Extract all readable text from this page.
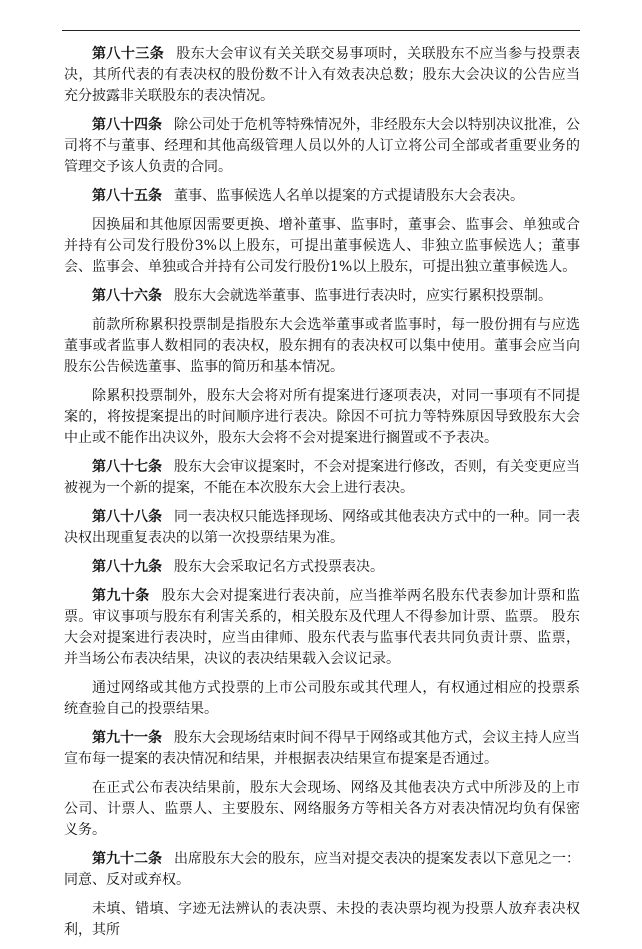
第八十三条 股东大会审议有关关联交易事项时，关联股东不应当参与投票表决，其所代表的有表决权的股份数不计入有效表决总数；股东大会决议的公告应当充分披露非关联股东的表决情况。

第八十四条 除公司处于危机等特殊情况外，非经股东大会以特别决议批准，公司将不与董事、经理和其他高级管理人员以外的人订立将公司全部或者重要业务的管理交予该人负责的合同。

第八十五条 董事、监事候选人名单以提案的方式提请股东大会表决。

因换届和其他原因需要更换、增补董事、监事时，董事会、监事会、单独或合并持有公司发行股份3%以上股东，可提出董事候选人、非独立监事候选人；董事会、监事会、单独或合并持有公司发行股份1%以上股东，可提出独立董事候选人。

第八十六条 股东大会就选举董事、监事进行表决时，应实行累积投票制。

前款所称累积投票制是指股东大会选举董事或者监事时，每一股份拥有与应选董事或者监事人数相同的表决权，股东拥有的表决权可以集中使用。董事会应当向股东公告候选董事、监事的简历和基本情况。

除累积投票制外，股东大会将对所有提案进行逐项表决，对同一事项有不同提案的，将按提案提出的时间顺序进行表决。除因不可抗力等特殊原因导致股东大会中止或不能作出决议外，股东大会将不会对提案进行搁置或不予表决。

第八十七条 股东大会审议提案时，不会对提案进行修改，否则，有关变更应当被视为一个新的提案，不能在本次股东大会上进行表决。

第八十八条 同一表决权只能选择现场、网络或其他表决方式中的一种。同一表决权出现重复表决的以第一次投票结果为准。

第八十九条 股东大会采取记名方式投票表决。

第九十条 股东大会对提案进行表决前，应当推举两名股东代表参加计票和监票。审议事项与股东有利害关系的，相关股东及代理人不得参加计票、监票。 股东大会对提案进行表决时，应当由律师、股东代表与监事代表共同负责计票、监票，并当场公布表决结果，决议的表决结果载入会议记录。

通过网络或其他方式投票的上市公司股东或其代理人，有权通过相应的投票系统查验自己的投票结果。

第九十一条 股东大会现场结束时间不得早于网络或其他方式，会议主持人应当宣布每一提案的表决情况和结果，并根据表决结果宣布提案是否通过。

在正式公布表决结果前，股东大会现场、网络及其他表决方式中所涉及的上市公司、计票人、监票人、主要股东、网络服务方等相关各方对表决情况均负有保密义务。

第九十二条 出席股东大会的股东，应当对提交表决的提案发表以下意见之一：同意、反对或弃权。

未填、错填、字迹无法辨认的表决票、未投的表决票均视为投票人放弃表决权利，其所
